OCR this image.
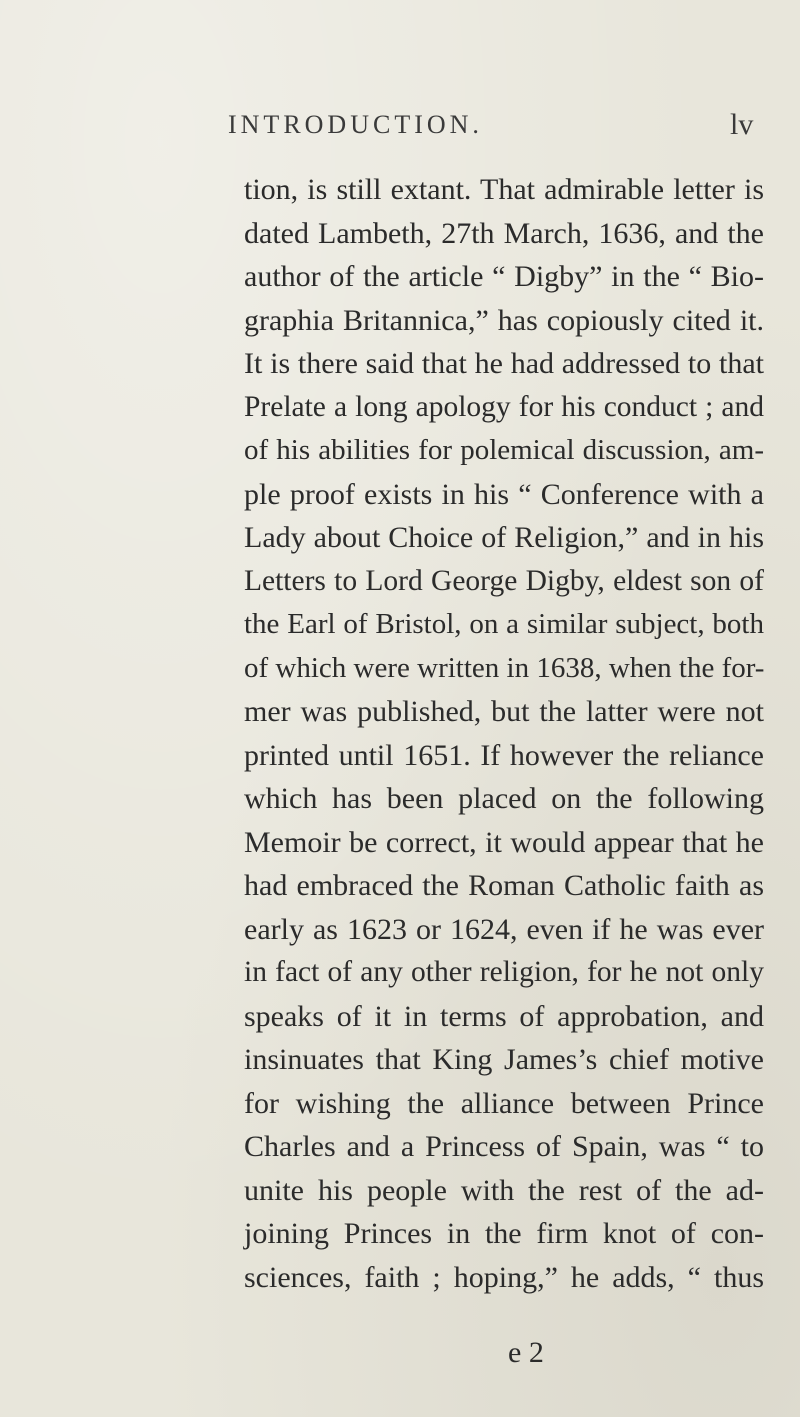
INTRODUCTION.	lv
tion, is still extant. That admirable letter is
dated Lambeth, 27th March, 1636, and the
author of the article “ Digby” in the “ Bio-
graphia Britannica,” has copiously cited it.
It is there said that he had addressed to that
Prelate a long apology for his conduct ; and
of his abilities for polemical discussion, am-
ple proof exists in his “ Conference with a
Lady about Choice of Religion,” and in his
Letters to Lord George Digby, eldest son of
the Earl of Bristol, on a similar subject, both
of which were written in 1638, when the for-
mer was published, but the latter were not
printed until 1651. If however the reliance
which has been placed on the following
Memoir be correct, it would appear that he
had embraced the Roman Catholic faith as
early as 1623 or 1624, even if he was ever
in fact of any other religion, for he not only
speaks of it in terms of approbation, and
insinuates that King James’s chief motive
for wishing the alliance between Prince
Charles and a Princess of Spain, was “ to
unite his people with the rest of the ad-
joining Princes in the firm knot of con-
sciences, faith ; hoping,” he adds, “ thus
e 2
